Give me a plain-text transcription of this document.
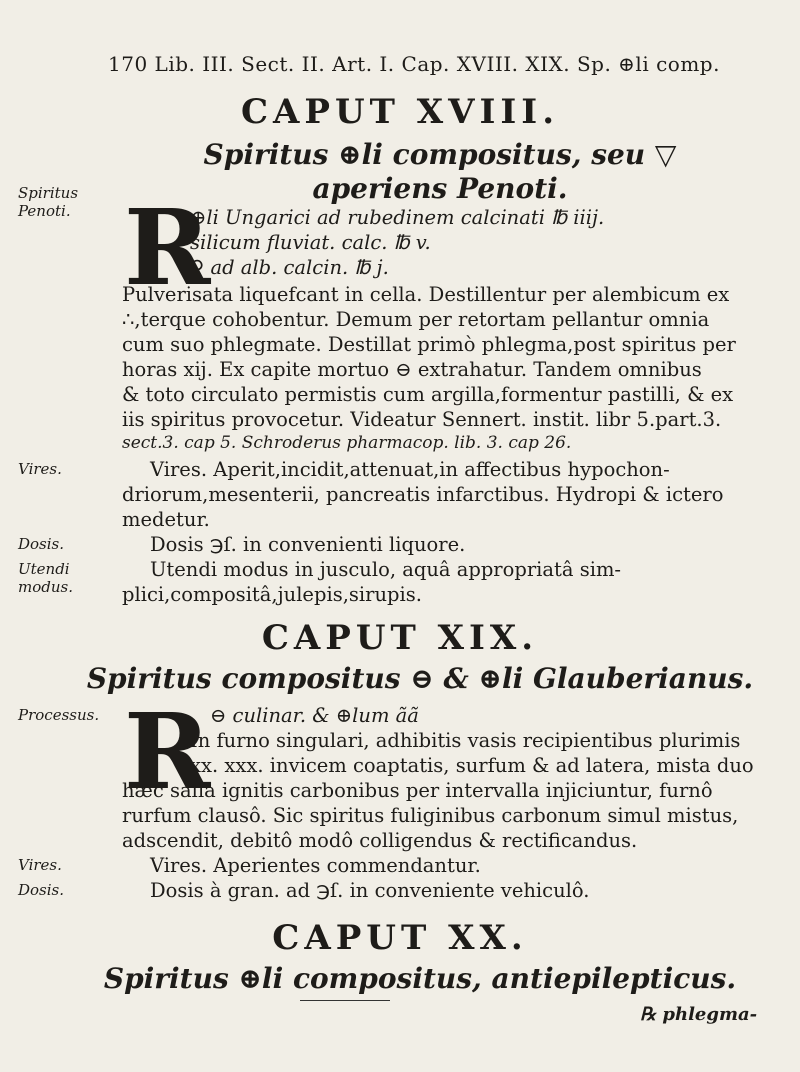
170 Lib. III. Sect. II. Art. I. Cap. XVIII. XIX. Sp. ⊕li comp.
CAPUT XVIII.
Spiritus ⊕li compositus, seu ▽
aperiens Penoti.
Spiritus
Penoti. R
⊕li Ungarici ad rubedinem calcinati ℔ iiij.
silicum fluviat. calc. ℔ v.
♀ ad alb. calcin. ℔ j.
Pulverisata liquefcant in cella. Destillentur per alembicum ex
∴,terque cohobentur. Demum per retortam pellantur omnia
cum suo phlegmate. Destillat primò phlegma,post spiritus per
horas xij. Ex capite mortuo ⊖ extrahatur. Tandem omnibus
& toto circulato permistis cum argilla,formentur pastilli, & ex
iis spiritus provocetur. Videatur Sennert. instit. libr 5.part.3.
sect.3. cap 5. Schroderus pharmacop. lib. 3. cap 26.
Vires.	Vires. Aperit,incidit,attenuat,in affectibus hypochon-
driorum,mesenterii, pancreatis infarctibus. Hydropi & ictero
medetur.
Dosis.	Dosis ℈ſ. in convenienti liquore.
Utendi modus.
Utendi modus in jusculo, aquâ appropriatâ sim-
plici,compositâ,julepis,sirupis.
CAPUT XIX.
Spiritus compositus ⊖ & ⊕li Glauberianus.
Processus. R ⊖ culinar. & ⊕lum ãã
In furno singulari, adhibitis vasis recipientibus plurimis
xx. xxx. invicem coaptatis, surfum & ad latera, mista duo
hæc salia ignitis carbonibus per intervalla injiciuntur, furnô
rurfum clausô. Sic spiritus fuliginibus carbonum simul mistus,
adscendit, debitô modô colligendus & rectificandus.
Vires.	Vires. Aperientes commendantur.
Dosis.	Dosis à gran. ad ℈ſ. in conveniente vehiculô.
CAPUT XX.
Spiritus ⊕li compositus, antiepilepticus.
℞ phlegma-
